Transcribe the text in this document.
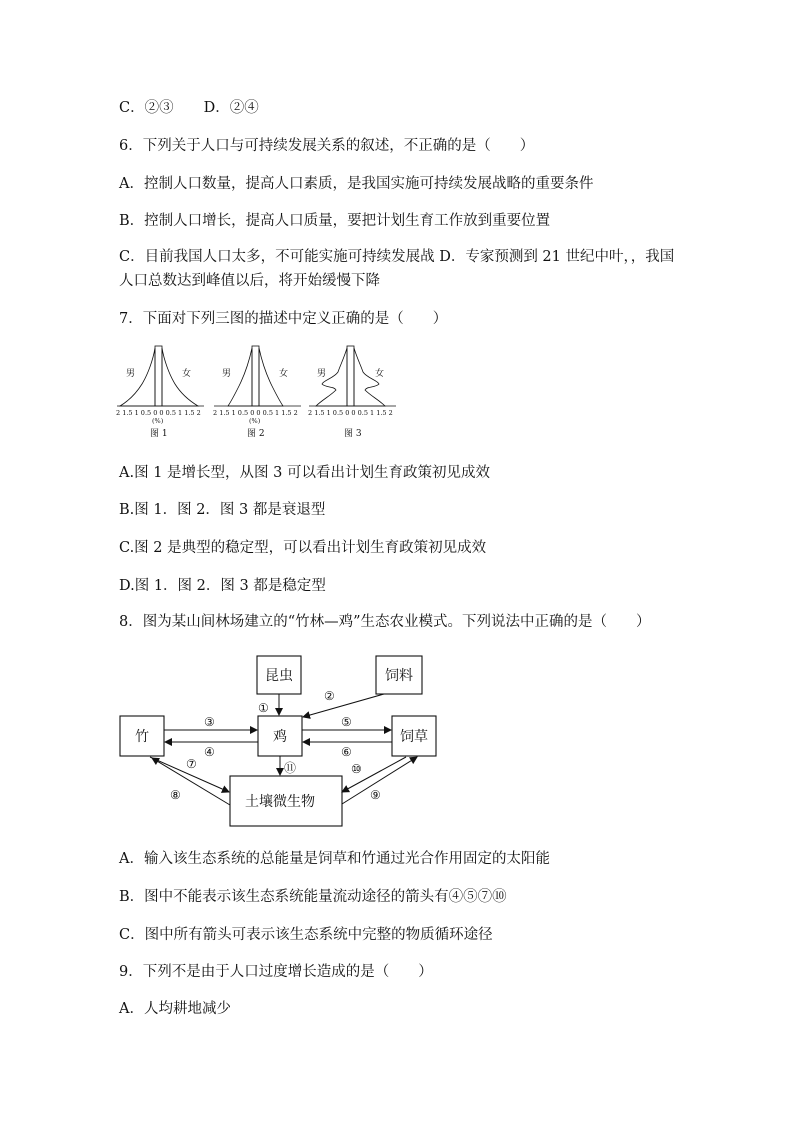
C．②③ D．②④
6．下列关于人口与可持续发展关系的叙述，不正确的是（　　）
A．控制人口数量，提高人口素质，是我国实施可持续发展战略的重要条件
B．控制人口增长，提高人口质量，要把计划生育工作放到重要位置
C．目前我国人口太多，不可能实施可持续发展战 D．专家预测到 21 世纪中叶，，我国
人口总数达到峰值以后，将开始缓慢下降
7．下面对下列三图的描述中定义正确的是（　　）
男	女
2 1.5 1 0.5 0 0 0.5 1 1.5 2
(%)
图 1
男	女
2 1.5 1 0.5 0 0 0.5 1 1.5 2
(%)
图 2
男	女
2 1.5 1 0.5 0 0 0.5 1 1.5 2
图 3
A.图 1 是增长型，从图 3 可以看出计划生育政策初见成效
B.图 1．图 2．图 3 都是衰退型
C.图 2 是典型的稳定型，可以看出计划生育政策初见成效
D.图 1．图 2．图 3 都是稳定型
8．图为某山间林场建立的“竹林—鸡”生态农业模式。下列说法中正确的是（　　）
昆虫	饲料
竹	鸡	饲草
土壤微生物
①
②
③
④
⑤
⑥
⑦
⑧	⑨
⑩
⑪
A．输入该生态系统的总能量是饲草和竹通过光合作用固定的太阳能
B．图中不能表示该生态系统能量流动途径的箭头有④⑤⑦⑩
C．图中所有箭头可表示该生态系统中完整的物质循环途径
9．下列不是由于人口过度增长造成的是（　　）
A．人均耕地减少
